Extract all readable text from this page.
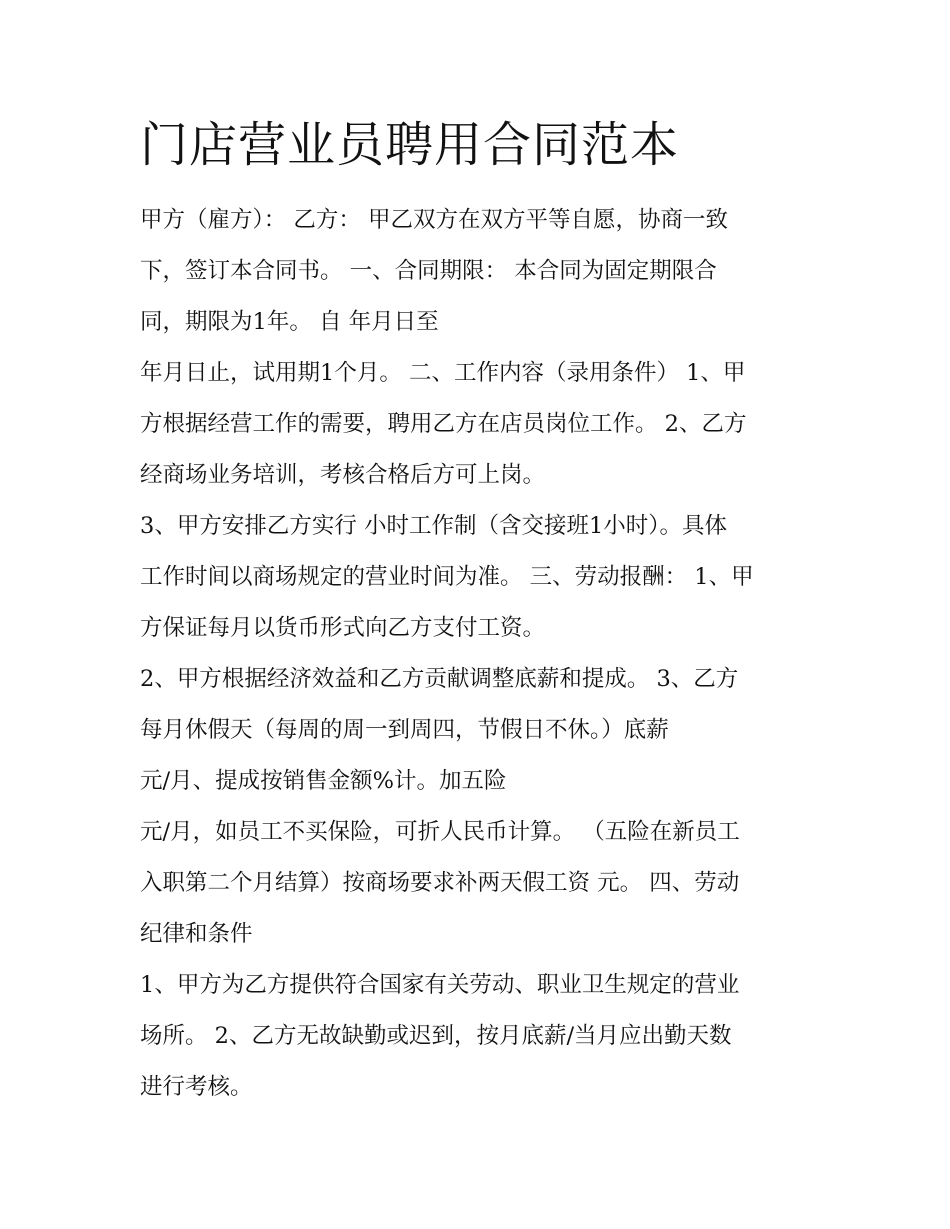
门店营业员聘用合同范本
甲方（雇方）： 乙方： 甲乙双方在双方平等自愿，协商一致
下，签订本合同书。 一、合同期限： 本合同为固定期限合
同，期限为1年。 自 年月日至
年月日止，试用期1个月。 二、工作内容（录用条件） 1、甲
方根据经营工作的需要，聘用乙方在店员岗位工作。 2、乙方
经商场业务培训，考核合格后方可上岗。
3、甲方安排乙方实行 小时工作制（含交接班1小时）。具体
工作时间以商场规定的营业时间为准。 三、劳动报酬： 1、甲
方保证每月以货币形式向乙方支付工资。
2、甲方根据经济效益和乙方贡献调整底薪和提成。 3、乙方
每月休假天（每周的周一到周四，节假日不休。）底薪
元/月、提成按销售金额%计。加五险
元/月，如员工不买保险，可折人民币计算。 （五险在新员工
入职第二个月结算）按商场要求补两天假工资 元。 四、劳动
纪律和条件
1、甲方为乙方提供符合国家有关劳动、职业卫生规定的营业
场所。 2、乙方无故缺勤或迟到，按月底薪/当月应出勤天数
进行考核。
